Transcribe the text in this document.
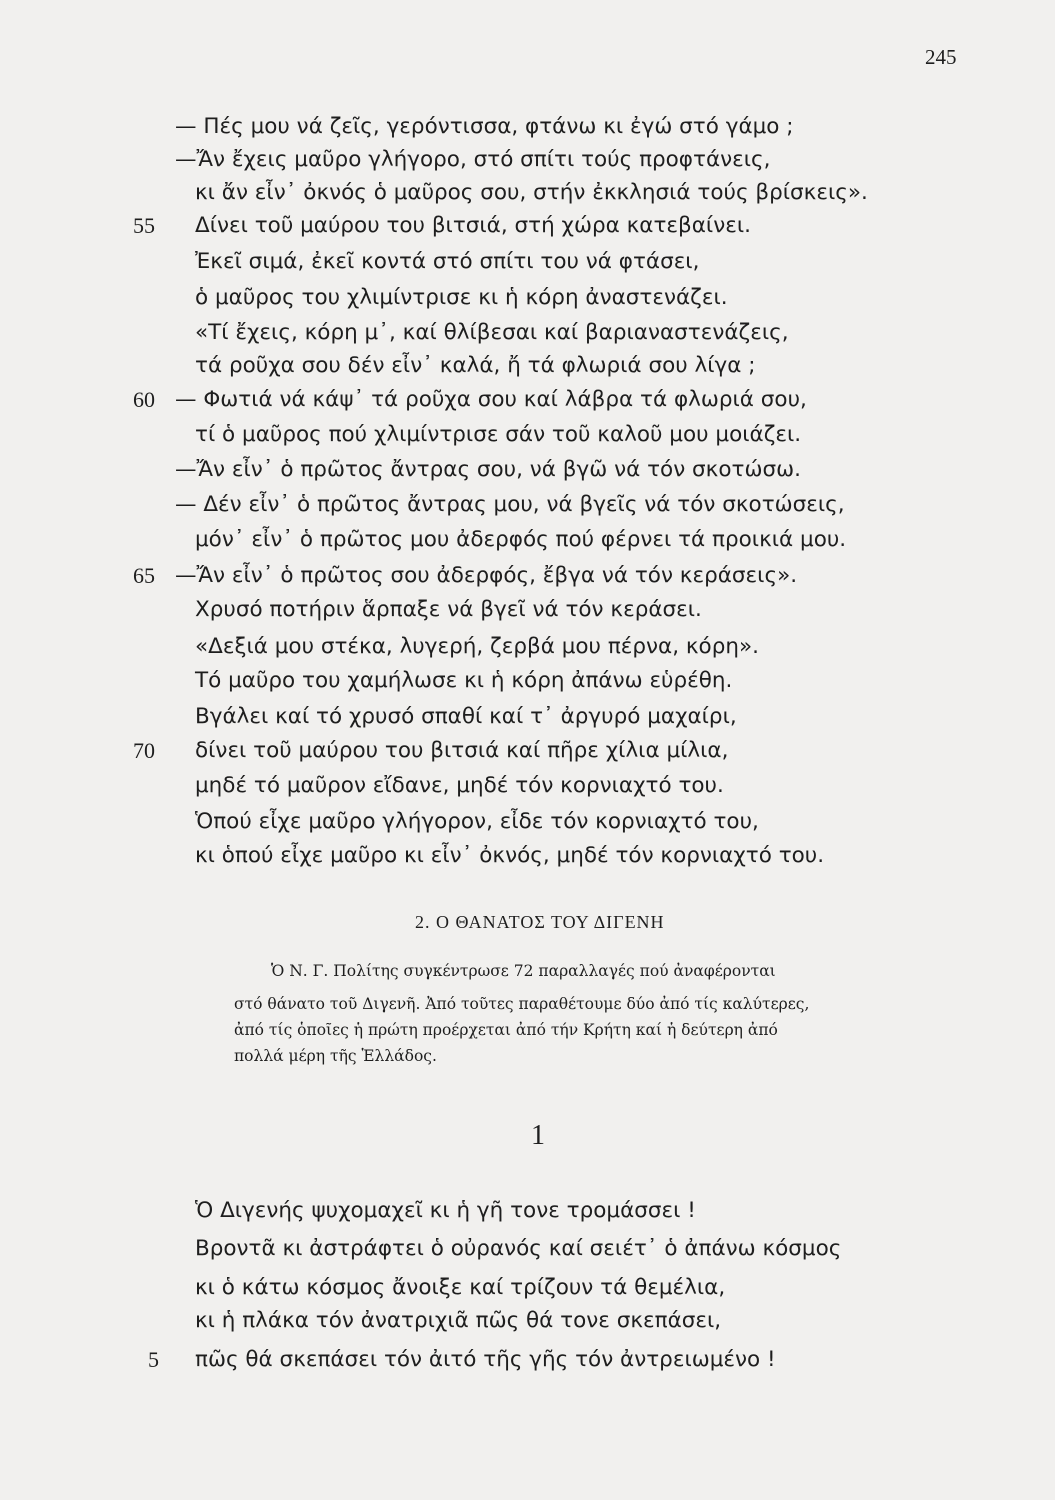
245
— Πές μου νά ζεῖς, γερόντισσα, φτάνω κι ἐγώ στό γάμο ;
—Ἄν ἔχεις μαῦρο γλήγορο, στό σπίτι τούς προφτάνεις,
κι ἄν εἶν᾿ ὀκνός ὁ μαῦρος σου, στήν ἐκκλησιά τούς βρίσκεις».
55 Δίνει τοῦ μαύρου του βιτσιά, στή χώρα κατεβαίνει.
Ἐκεῖ σιμά, ἐκεῖ κοντά στό σπίτι του νά φτάσει,
ὁ μαῦρος του χλιμίντρισε κι ἡ κόρη ἀναστενάζει.
«Τί ἔχεις, κόρη μ᾿, καί θλίβεσαι καί βαριαναστενάζεις,
τά ροῦχα σου δέν εἶν᾿ καλά, ἤ τά φλωριά σου λίγα ;
60 — Φωτιά νά κάψ᾿ τά ροῦχα σου καί λάβρα τά φλωριά σου,
τί ὁ μαῦρος πού χλιμίντρισε σάν τοῦ καλοῦ μου μοιάζει.
—Ἄν εἶν᾿ ὁ πρῶτος ἄντρας σου, νά βγῶ νά τόν σκοτώσω.
— Δέν εἶν᾿ ὁ πρῶτος ἄντρας μου, νά βγεῖς νά τόν σκοτώσεις,
μόν᾿ εἶν᾿ ὁ πρῶτος μου ἀδερφός πού φέρνει τά προικιά μου.
65 —Ἄν εἶν᾿ ὁ πρῶτος σου ἀδερφός, ἔβγα νά τόν κεράσεις».
Χρυσό ποτήριν ἅρπαξε νά βγεῖ νά τόν κεράσει.
«Δεξιά μου στέκα, λυγερή, ζερβά μου πέρνα, κόρη».
Τό μαῦρο του χαμήλωσε κι ἡ κόρη ἀπάνω εὑρέθη.
Βγάλει καί τό χρυσό σπαθί καί τ᾿ ἀργυρό μαχαίρι,
70 δίνει τοῦ μαύρου του βιτσιά καί πῆρε χίλια μίλια,
μηδέ τό μαῦρον εἴδανε, μηδέ τόν κορνιαχτό του.
Ὁπού εἶχε μαῦρο γλήγορον, εἶδε τόν κορνιαχτό του,
κι ὁπού εἶχε μαῦρο κι εἶν᾿ ὀκνός, μηδέ τόν κορνιαχτό του.
2. Ο ΘΑΝΑΤΟΣ ΤΟΥ ΔΙΓΕΝΗ
Ὁ Ν. Γ. Πολίτης συγκέντρωσε 72 παραλλαγές πού ἀναφέρονται
στό θάνατο τοῦ Διγενῆ. Ἀπό τοῦτες παραθέτουμε δύο ἀπό τίς καλύτερες,
ἀπό τίς ὁποῖες ἡ πρώτη προέρχεται ἀπό τήν Κρήτη καί ἡ δεύτερη ἀπό
πολλά μέρη τῆς Ἑλλάδος.
1
Ὁ Διγενής ψυχομαχεῖ κι ἡ γῆ τονε τρομάσσει !
Βροντᾶ κι ἀστράφτει ὁ οὐρανός καί σειέτ᾿ ὁ ἀπάνω κόσμος
κι ὁ κάτω κόσμος ἄνοιξε καί τρίζουν τά θεμέλια,
κι ἡ πλάκα τόν ἀνατριχιᾶ πῶς θά τονε σκεπάσει,
5 πῶς θά σκεπάσει τόν ἀιτό τῆς γῆς τόν ἀντρειωμένο !
